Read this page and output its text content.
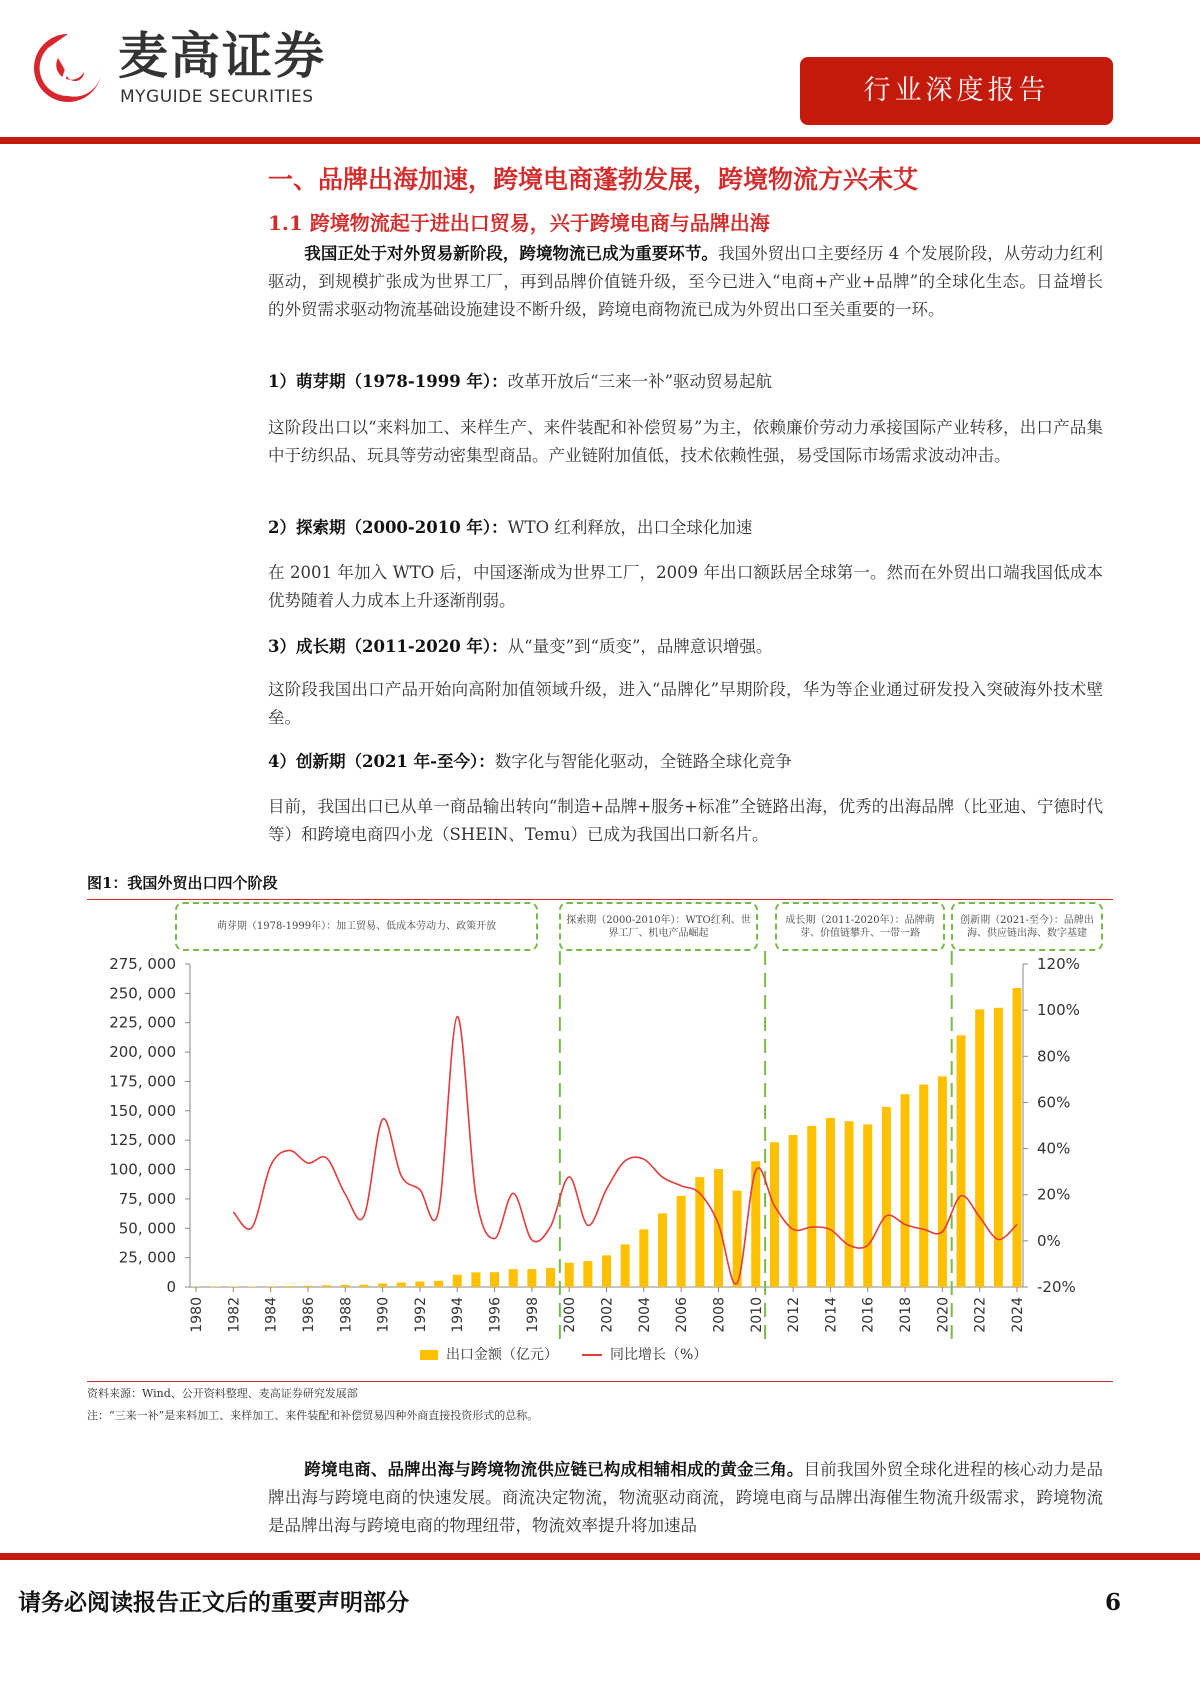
麦高证券
MYGUIDE SECURITIES	行业深度报告
一、品牌出海加速，跨境电商蓬勃发展，跨境物流方兴未艾
1.1 跨境物流起于进出口贸易，兴于跨境电商与品牌出海
我国正处于对外贸易新阶段，跨境物流已成为重要环节。我国外贸出口主要经历 4 个发展阶段，从劳动力红利驱动，到规模扩张成为世界工厂，再到品牌价值链升级，至今已进入“电商+产业+品牌”的全球化生态。日益增长的外贸需求驱动物流基础设施建设不断升级，跨境电商物流已成为外贸出口至关重要的一环。
1）萌芽期（1978-1999 年）：改革开放后“三来一补”驱动贸易起航
这阶段出口以“来料加工、来样生产、来件装配和补偿贸易”为主，依赖廉价劳动力承接国际产业转移，出口产品集中于纺织品、玩具等劳动密集型商品。产业链附加值低，技术依赖性强，易受国际市场需求波动冲击。
2）探索期（2000-2010 年）：WTO 红利释放，出口全球化加速
在 2001 年加入 WTO 后，中国逐渐成为世界工厂，2009 年出口额跃居全球第一。然而在外贸出口端我国低成本优势随着人力成本上升逐渐削弱。
3）成长期（2011-2020 年）：从“量变”到“质变”，品牌意识增强。
这阶段我国出口产品开始向高附加值领域升级，进入“品牌化”早期阶段，华为等企业通过研发投入突破海外技术壁垒。
4）创新期（2021 年-至今）：数字化与智能化驱动，全链路全球化竞争
目前，我国出口已从单一商品输出转向“制造+品牌+服务+标准”全链路出海，优秀的出海品牌（比亚迪、宁德时代等）和跨境电商四小龙（SHEIN、Temu）已成为我国出口新名片。
图1：我国外贸出口四个阶段
萌芽期（1978-1999年）：加工贸易、低成本劳动力、政策开放
探索期（2000-2010年）：WTO红利、世界工厂、机电产品崛起
成长期（2011-2020年）：品牌萌芽、价值链攀升、一带一路
创新期（2021-至今）：品牌出海、供应链出海、数字基建
0
25, 000
50, 000
75, 000
100, 000
125, 000
150, 000
175, 000
200, 000
225, 000
250, 000
275, 000
-20%
0%
20%
40%
60%
80%
100%
120%
1980 1982 1984 1986 1988 1990 1992 1994 1996 1998 2000 2002 2004 2006 2008 2010 2012 2014 2016 2018 2020 2022 2024
出口金额（亿元）	同比增长（%）
资料来源：Wind、公开资料整理、麦高证券研究发展部
注：“三来一补”是来料加工、来样加工、来件装配和补偿贸易四种外商直接投资形式的总称。
跨境电商、品牌出海与跨境物流供应链已构成相辅相成的黄金三角。目前我国外贸全球化进程的核心动力是品牌出海与跨境电商的快速发展。商流决定物流，物流驱动商流，跨境电商与品牌出海催生物流升级需求，跨境物流是品牌出海与跨境电商的物理纽带，物流效率提升将加速品
请务必阅读报告正文后的重要声明部分	6
